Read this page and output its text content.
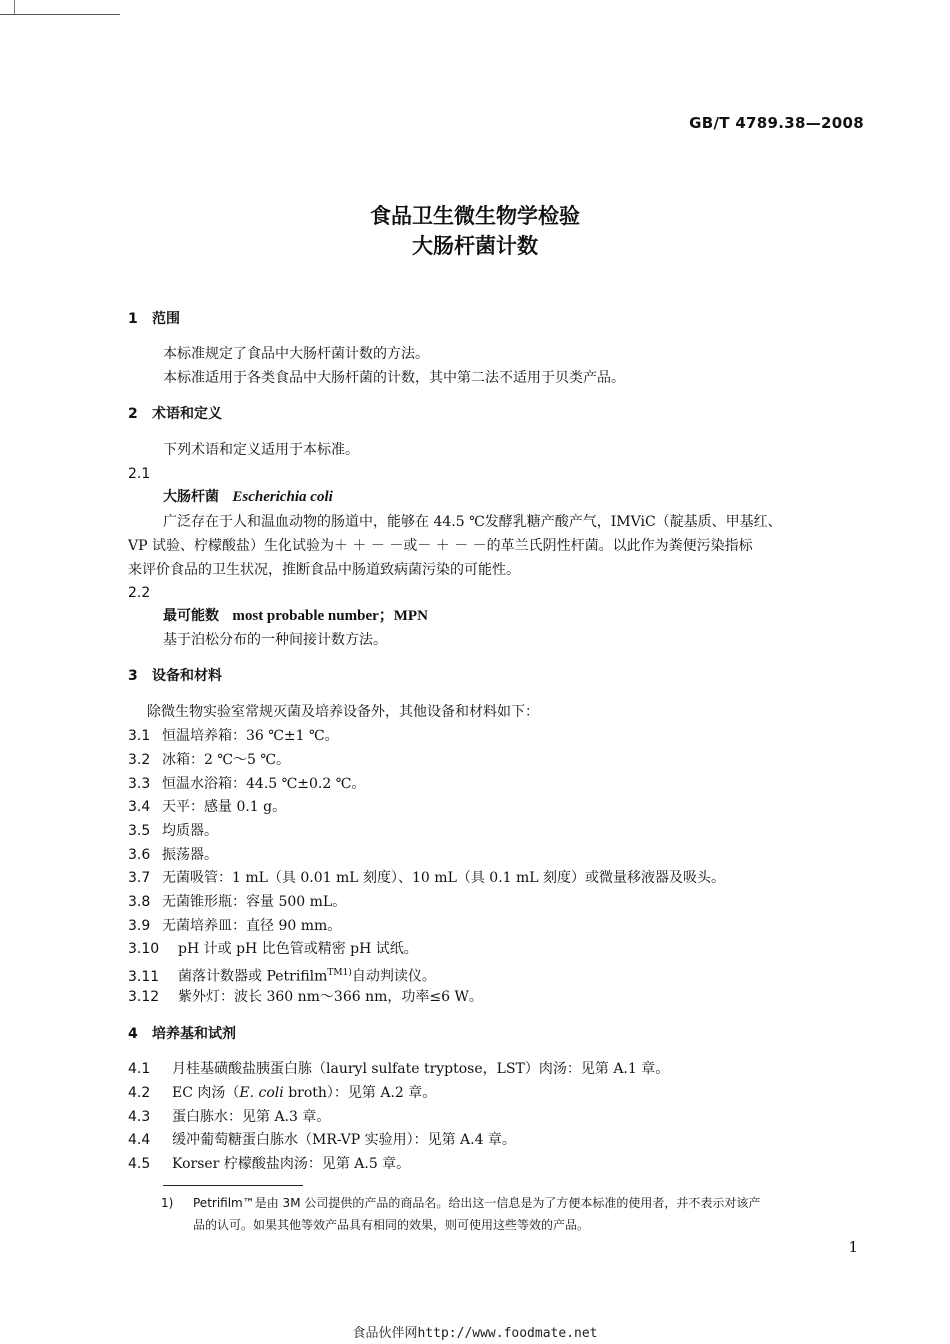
GB/T 4789.38—2008
食品卫生微生物学检验
大肠杆菌计数
1 范围
本标准规定了食品中大肠杆菌计数的方法。
本标准适用于各类食品中大肠杆菌的计数，其中第二法不适用于贝类产品。
2 术语和定义
下列术语和定义适用于本标准。
2.1
大肠杆菌 Escherichia coli
广泛存在于人和温血动物的肠道中，能够在 44.5 ℃发酵乳糖产酸产气，IMViC（靛基质、甲基红、
VP 试验、柠檬酸盐）生化试验为＋ ＋ － －或－ ＋ － －的革兰氏阴性杆菌。以此作为粪便污染指标
来评价食品的卫生状况，推断食品中肠道致病菌污染的可能性。
2.2
最可能数 most probable number；MPN
基于泊松分布的一种间接计数方法。
3 设备和材料
除微生物实验室常规灭菌及培养设备外，其他设备和材料如下：
3.1 恒温培养箱：36 ℃±1 ℃。
3.2 冰箱：2 ℃～5 ℃。
3.3 恒温水浴箱：44.5 ℃±0.2 ℃。
3.4 天平：感量 0.1 g。
3.5 均质器。
3.6 振荡器。
3.7 无菌吸管：1 mL（具 0.01 mL 刻度）、10 mL（具 0.1 mL 刻度）或微量移液器及吸头。
3.8 无菌锥形瓶：容量 500 mL。
3.9 无菌培养皿：直径 90 mm。
3.10 pH 计或 pH 比色管或精密 pH 试纸。
3.11 菌落计数器或 Petrifilm$^{TM1)}$自动判读仪。
3.12 紫外灯：波长 360 nm～366 nm，功率≤6 W。
4 培养基和试剂
4.1 月桂基磺酸盐胰蛋白胨（lauryl sulfate tryptose，LST）肉汤：见第 A.1 章。
4.2 EC 肉汤（E. coli broth）：见第 A.2 章。
4.3 蛋白胨水：见第 A.3 章。
4.4 缓冲葡萄糖蛋白胨水（MR-VP 实验用）：见第 A.4 章。
4.5 Korser 柠檬酸盐肉汤：见第 A.5 章。
1)	Petrifilm™是由 3M 公司提供的产品的商品名。给出这一信息是为了方便本标准的使用者，并不表示对该产
品的认可。如果其他等效产品具有相同的效果，则可使用这些等效的产品。
1
食品伙伴网http://www.foodmate.net
